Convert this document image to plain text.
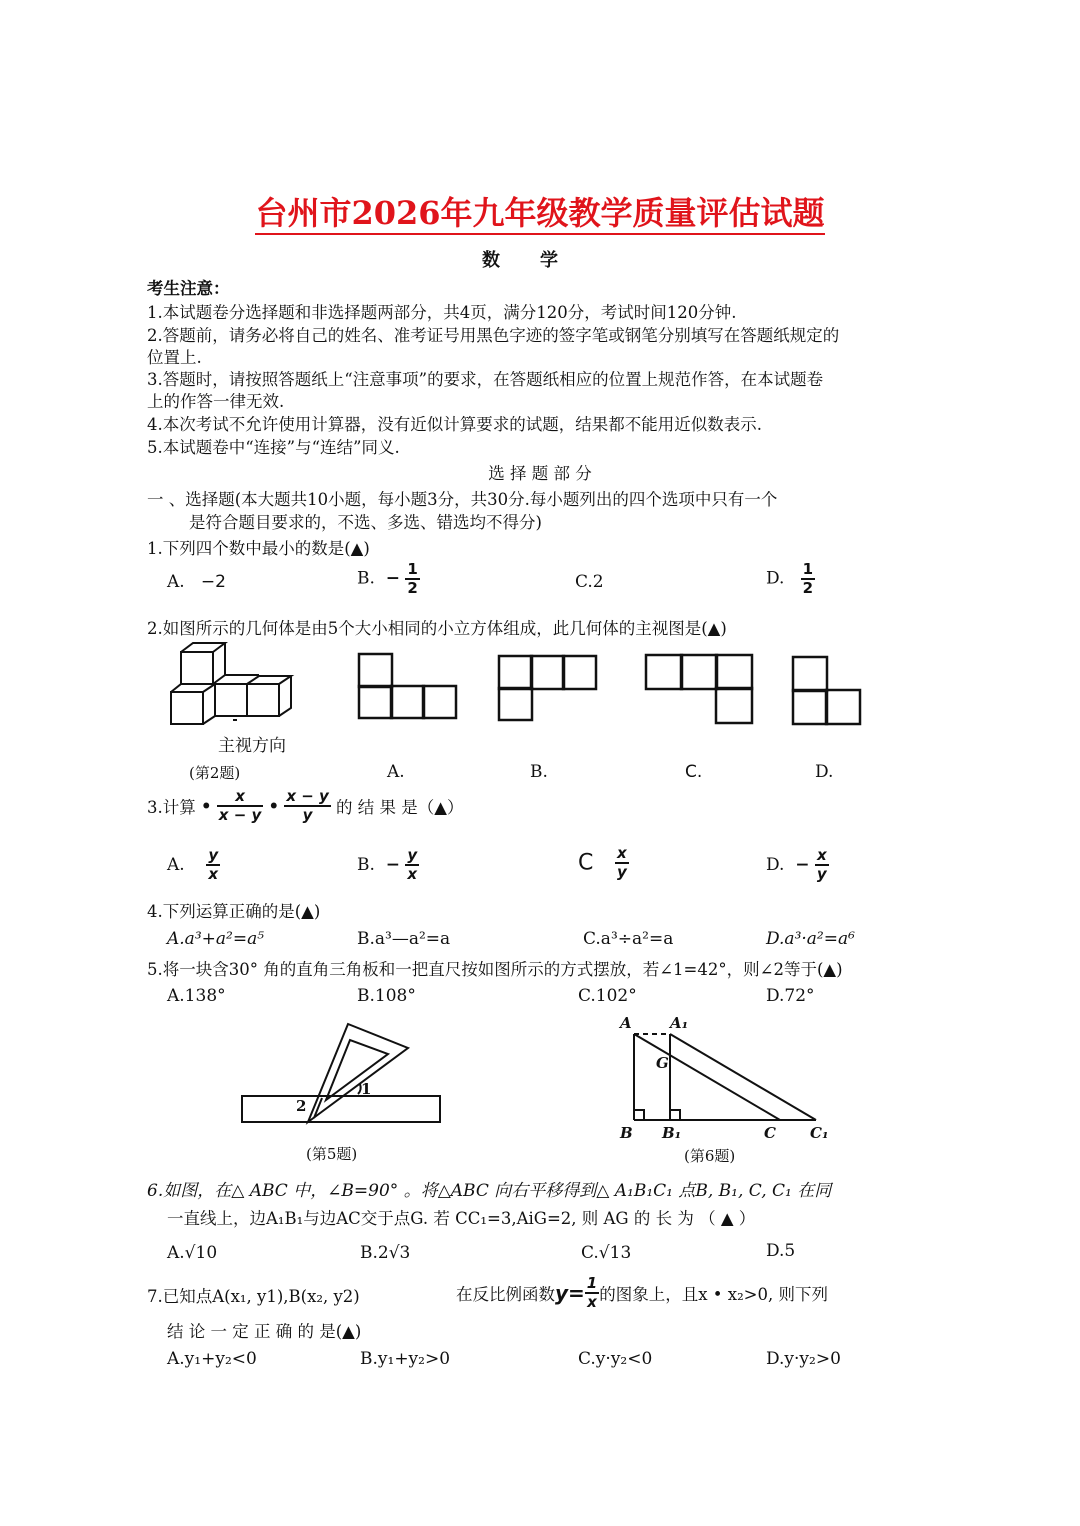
台州市2026年九年级教学质量评估试题
数学
考生注意：
1.本试题卷分选择题和非选择题两部分，共4页，满分120分，考试时间120分钟.
2.答题前，请务必将自己的姓名、准考证号用黑色字迹的签字笔或钢笔分别填写在答题纸规定的
位置上.
3.答题时，请按照答题纸上“注意事项”的要求，在答题纸相应的位置上规范作答，在本试题卷
上的作答一律无效.
4.本次考试不允许使用计算器，没有近似计算要求的试题，结果都不能用近似数表示.
5.本试题卷中“连接”与“连结”同义.
选 择 题 部 分
一 、选择题(本大题共10小题，每小题3分，共30分.每小题列出的四个选项中只有一个
是符合题目要求的，不选、多选、错选均不得分)
1.下列四个数中最小的数是(▲)
A. −2	B. − $\frac{1}{2}$	C.2	D. $\frac{1}{2}$
2.如图所示的几何体是由5个大小相同的小立方体组成，此几何体的主视图是(▲)
主视方向
(第2题)	A.	B.	C.	D.
3.计算 • $\frac{x}{x - y}$ • $\frac{x - y}{y}$ 的 结 果 是（▲）
A. $\frac{y}{x}$	B. − $\frac{y}{x}$	C $\frac{x}{y}$	D. − $\frac{x}{y}$
4.下列运算正确的是(▲)
A.a³+a²=a⁵	B.a³—a²=a	C.a³÷a²=a	D.a³·a²=a⁶
5.将一块含30° 角的直角三角板和一把直尺按如图所示的方式摆放，若∠1=42°，则∠2等于(▲)
A.138°	B.108°	C.102°	D.72°
1
2
(第5题)
A	A₁
G
B B₁	C C₁
(第6题)
6.如图，在△ ABC 中，∠B=90° 。将△ABC 向右平移得到△ A₁B₁C₁ 点B, B₁, C, C₁ 在同
一直线上，边A₁B₁与边AC交于点G. 若 CC₁=3,AiG=2, 则 AG 的 长 为 （ ▲ ）
A.√10	B.2√3	C.√13	D.5
7.已知点A(x₁, y1),B(x₂, y2)	在反比例函数$y= \frac{1}{x}$ 的图象上，且x • x₂>0, 则下列
结 论 一 定 正 确 的 是(▲)
A.y₁+y₂<0	B.y₁+y₂>0	C.y·y₂<0	D.y·y₂>0
